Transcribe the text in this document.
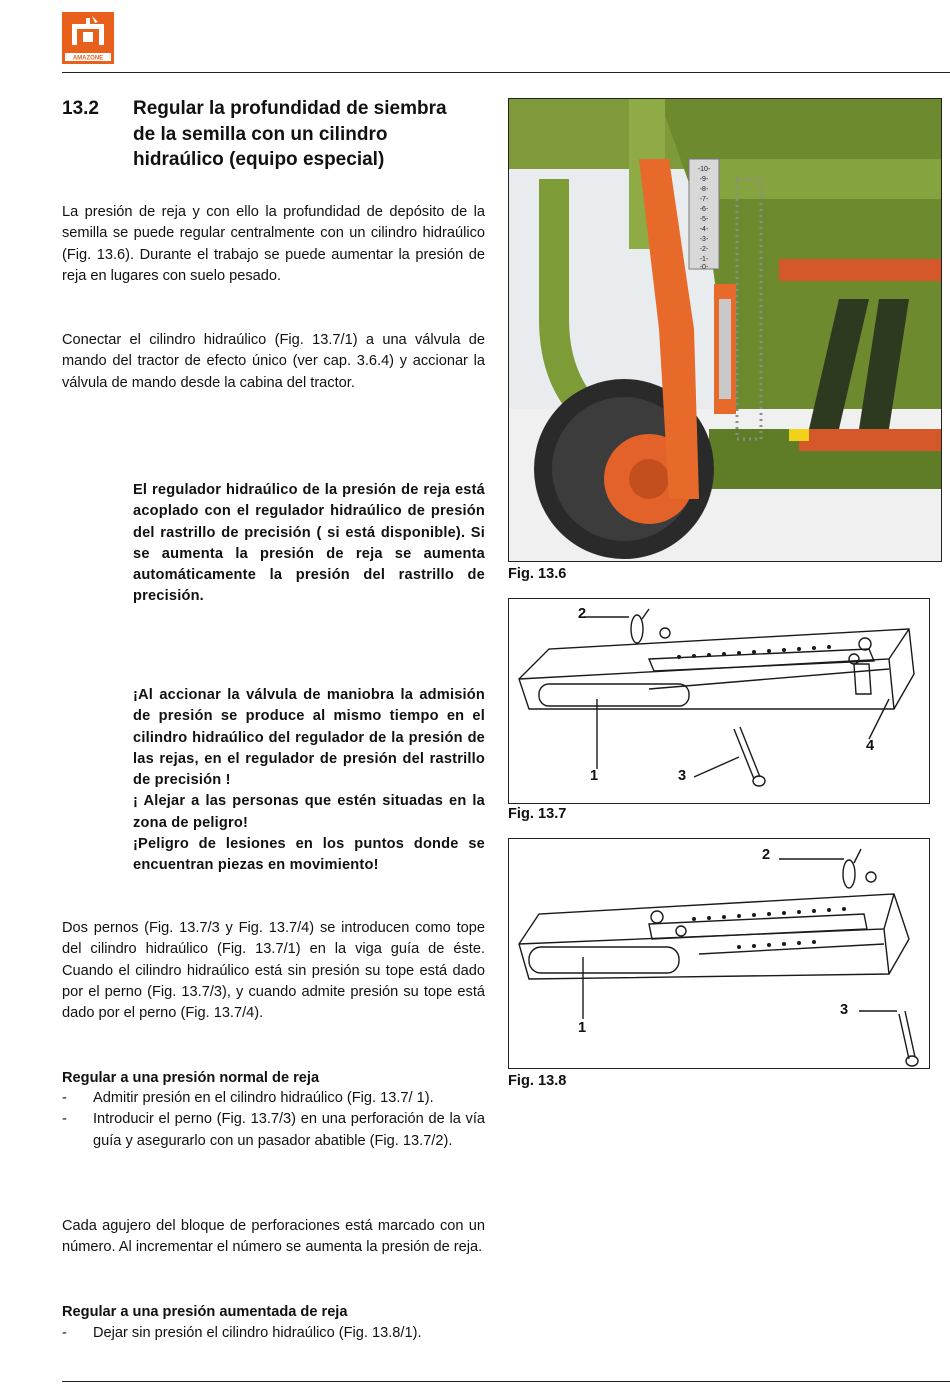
AMAZONE
13.2 Regular la profundidad de siembra de la semilla con un cilindro hidraúlico (equipo especial)
La presión de reja y con ello la profundidad de depósito de la semilla se puede regular centralmente con un cilindro hidraúlico (Fig. 13.6). Durante el trabajo se puede aumentar la presión de reja en lugares con suelo pesado.
Conectar el cilindro hidraúlico (Fig. 13.7/1) a una válvula de mando del tractor de efecto único (ver cap. 3.6.4) y accionar la válvula de mando desde la cabina del tractor.

El regulador hidraúlico de la presión de reja está acoplado con el regulador hidraúlico de presión del rastrillo de precisión ( si está disponible). Si se aumenta la presión de reja se aumenta automáticamente la presión del rastrillo de precisión.

¡Al accionar la válvula de maniobra la admisión de presión se produce al mismo tiempo en el cilindro hidraúlico del regulador de la presión de las rejas, en el regulador de presión del rastrillo de precisión !

¡ Alejar a las personas que estén situadas en la zona de peligro!

¡Peligro de lesiones en los puntos donde se encuentran piezas en movimiento!

Dos pernos (Fig. 13.7/3 y Fig. 13.7/4) se introducen como tope del cilindro hidraúlico (Fig. 13.7/1) en la viga guía de éste. Cuando el cilindro hidraúlico está sin presión su tope está dado por el perno (Fig. 13.7/3), y cuando admite presión su tope está dado por el perno (Fig. 13.7/4).
Regular a una presión normal de reja
- Admitir presión en el cilindro hidraúlico (Fig. 13.7/ 1).
- Introducir el perno (Fig. 13.7/3) en una perforación de la vía guía y asegurarlo con un pasador abatible (Fig. 13.7/2).
Cada agujero del bloque de perforaciones está marcado con un número. Al incrementar el número se aumenta la presión de reja.
Regular a una presión aumentada de reja
- Dejar sin presión el cilindro hidraúlico (Fig. 13.8/1).
-10-
-9-
-8-
-7-
-6-
-5-
-4-
-3-
-2-
-1-
-0-
Fig. 13.6
2
1	3
4
Fig. 13.7
2
1
3
Fig. 13.8
